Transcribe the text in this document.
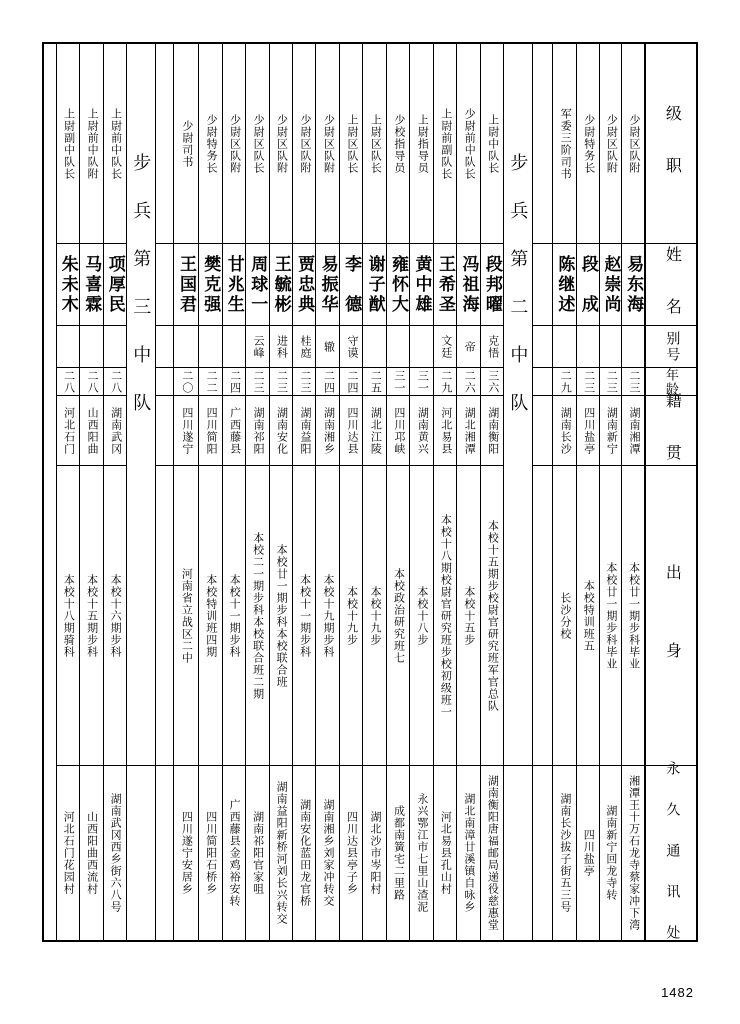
级　职
姓　名
别号
年龄
籍　贯
出　　身
永 久 通 讯 处
少尉区队附
易东海
二三
湖南湘潭
本校廿一期步科毕业
湘潭王十万石龙寺蔡家冲下湾
少尉区队附
赵崇尚
二三
湖南新宁
本校廿一期步科毕业
湖南新宁回龙寺转
少尉特务长
段　成
二三
四川盐亭
本校特训班五
四川盐亭
军委三阶司书
陈继述
二九
湖南长沙
长沙分校
湖南长沙拔子街五三号
步　兵　第　二　中　队
上尉中队长
段邦曜
克悟
三六
湖南衡阳
本校十五期步校尉官研究班军官总队
湖南衡阳唐福邮局递役慈惠堂
少尉前中队长
冯祖海
帝
二六
湖北湘潭
本校十五步
湖北南漳廿溪镇自咏乡
上尉前副队长
王希圣
文廷
二九
河北易县
本校十八期校尉官研究班步校初级班一
河北易县孔山村
上尉指导员
黄中雄
三一
湖南黄兴
本校十八步
永兴鄂江市七里山渣泥
少校指导员
雍怀大
三一
四川邛峡
本校政治研究班七
成都南簧宅二里路
上尉区队长
谢子猷
二五
湖北江陵
本校十九步
湖北沙市岑阳村
上尉区队长
李　德
守谟
二四
四川达县
本校十九步
四川达县亭子乡
少尉区队附
易振华
辙
二四
湖南湘乡
本校十九期步科
湖南湘乡刘家冲转交
少尉区队附
贾忠典
桂庭
二三
湖南益阳
本校十一期步科
湖南安化蓝田龙官桥
少尉区队附
王毓彬
进科
二三
湖南安化
本校廿一期步科本校联合班
湖南益阳新桥河刘长兴转交
少尉区队长
周球一
云峰
二三
湖南祁阳
本校二一期步科本校联合班二期
湖南祁阳官家咀
少尉区队附
甘兆生
二四
广西藤县
本校十一期步科
广西藤县金鸡裕安转
少尉特务长
樊克强
二二
四川简阳
本校特训班四期
四川简阳石桥乡
少尉司书
王国君
二〇
四川遂宁
河南省立战区二中
四川遂宁安居乡
步　兵　第　三　中　队
上尉前中队长
项厚民
二八
湖南武冈
本校十六期步科
湖南武冈西乡街六八号
上尉前中队附
马喜霖
二八
山西阳曲
本校十五期步科
山西阳曲西流村
上尉副中队长
朱未木
二八
河北石门
本校十八期骑科
河北石门花园村
1482
